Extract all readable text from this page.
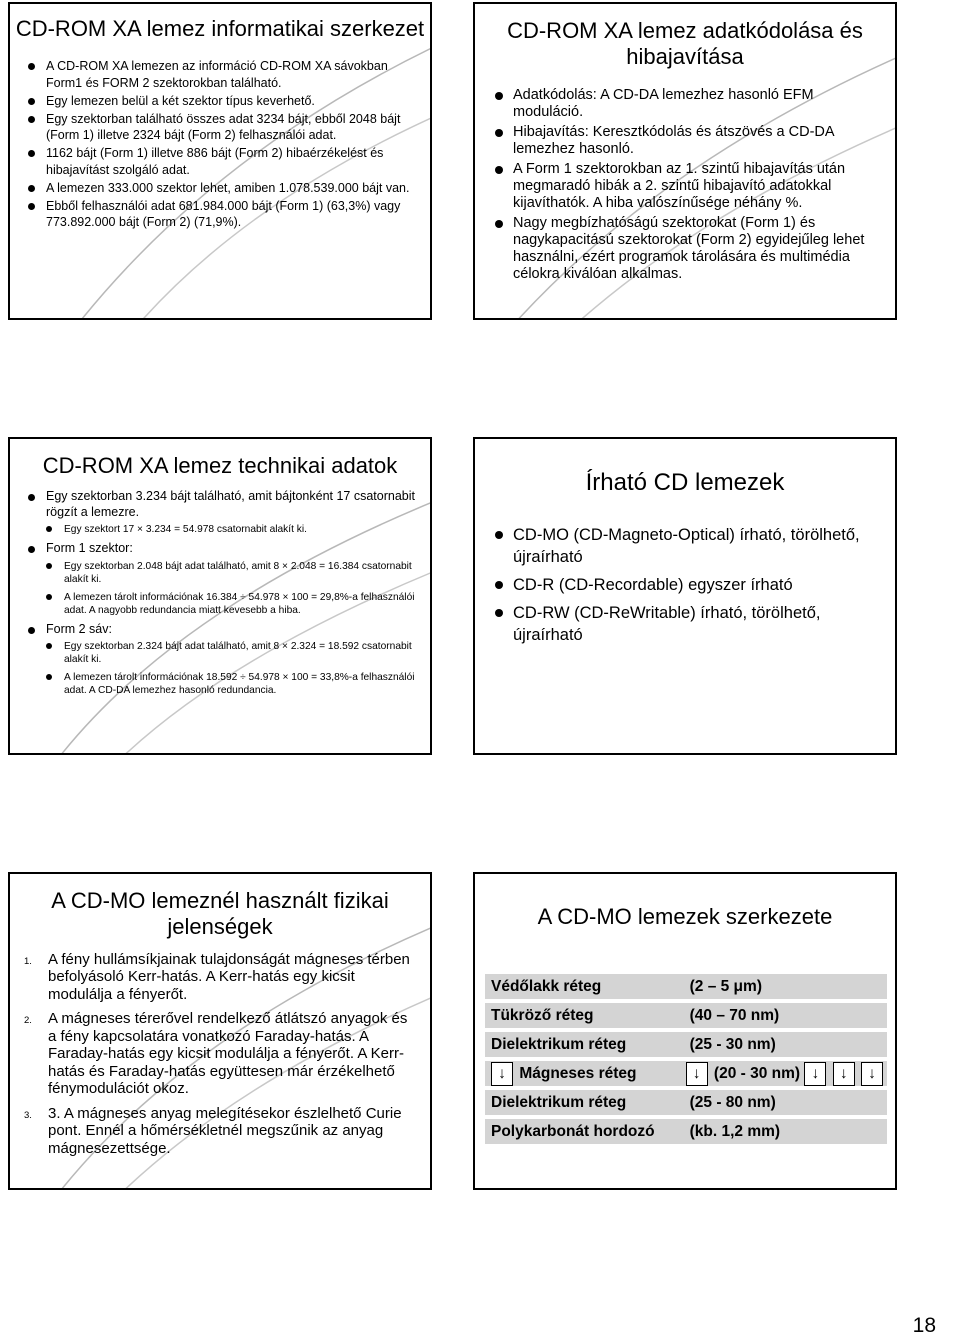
CD-ROM XA lemez informatikai szerkezet
A CD-ROM XA lemezen az információ CD-ROM XA sávokban Form1 és FORM 2 szektorokban található.
Egy lemezen belül a két szektor típus keverhető.
Egy szektorban található összes adat 3234 bájt, ebből 2048 bájt (Form 1) illetve 2324 bájt (Form 2) felhasználói adat.
1162 bájt (Form 1) illetve 886 bájt (Form 2) hibaérzékelést és hibajavítást szolgáló adat.
A lemezen 333.000 szektor lehet, amiben 1.078.539.000 bájt van.
Ebből felhasználói adat 681.984.000 bájt (Form 1) (63,3%) vagy 773.892.000 bájt (Form 2) (71,9%).
CD-ROM XA lemez adatkódolása és hibajavítása
Adatkódolás: A CD-DA lemezhez hasonló EFM moduláció.
Hibajavítás: Keresztkódolás és átszövés a CD-DA lemezhez hasonló.
A Form 1 szektorokban az 1. szintű hibajavítás után megmaradó hibák a 2. szintű hibajavító adatokkal kijavíthatók. A hiba valószínűsége néhány %.
Nagy megbízhatóságú szektorokat (Form 1) és nagykapacitású szektorokat (Form 2) egyidejűleg lehet használni, ezért programok tárolására és multimédia célokra kiválóan alkalmas.
CD-ROM XA lemez technikai adatok
Egy szektorban 3.234 bájt található, amit bájtonként 17 csatornabit rögzít a lemezre.
Egy szektort 17 × 3.234 = 54.978 csatornabit alakít ki.
Form 1 szektor:
Egy szektorban 2.048 bájt adat található, amit 8 × 2.048 = 16.384 csatornabit alakít ki.
A lemezen tárolt információnak 16.384 ÷ 54.978 × 100 = 29,8%-a felhasználói adat. A nagyobb redundancia miatt kevesebb a hiba.
Form 2 sáv:
Egy szektorban 2.324 bájt adat található, amit 8 × 2.324 = 18.592 csatornabit alakít ki.
A lemezen tárolt információnak 18.592 ÷ 54.978 × 100 = 33,8%-a felhasználói adat. A CD-DA lemezhez hasonló redundancia.
Írható CD lemezek
CD-MO (CD-Magneto-Optical) írható, törölhető, újraírható
CD-R (CD-Recordable) egyszer írható
CD-RW (CD-ReWritable) írható, törölhető, újraírható
A CD-MO lemeznél használt fizikai jelenségek
1. A fény hullámsíkjainak tulajdonságát mágneses térben befolyásoló Kerr-hatás. A Kerr-hatás egy kicsit modulálja a fényerőt.
2. A mágneses térerővel rendelkező átlátszó anyagok és a fény kapcsolatára vonatkozó Faraday-hatás. A Faraday-hatás egy kicsit modulálja a fényerőt. A Kerr-hatás és Faraday-hatás együttesen már érzékelhető fénymodulációt okoz.
3. 3. A mágneses anyag melegítésekor észlelhető Curie pont. Ennél a hőmérsékletnél megszűnik az anyag mágnesezettsége.
A CD-MO lemezek szerkezete
Védőlakk réteg	(2 – 5 μm)
Tükröző réteg	(40 – 70 nm)
Dielektrikum réteg	(25 - 30 nm)
↓ Mágneses réteg	↓ (20 - 30 nm) ↓ ↓ ↓
Dielektrikum réteg	(25 - 80 nm)
Polykarbonát hordozó	(kb. 1,2 mm)
18
